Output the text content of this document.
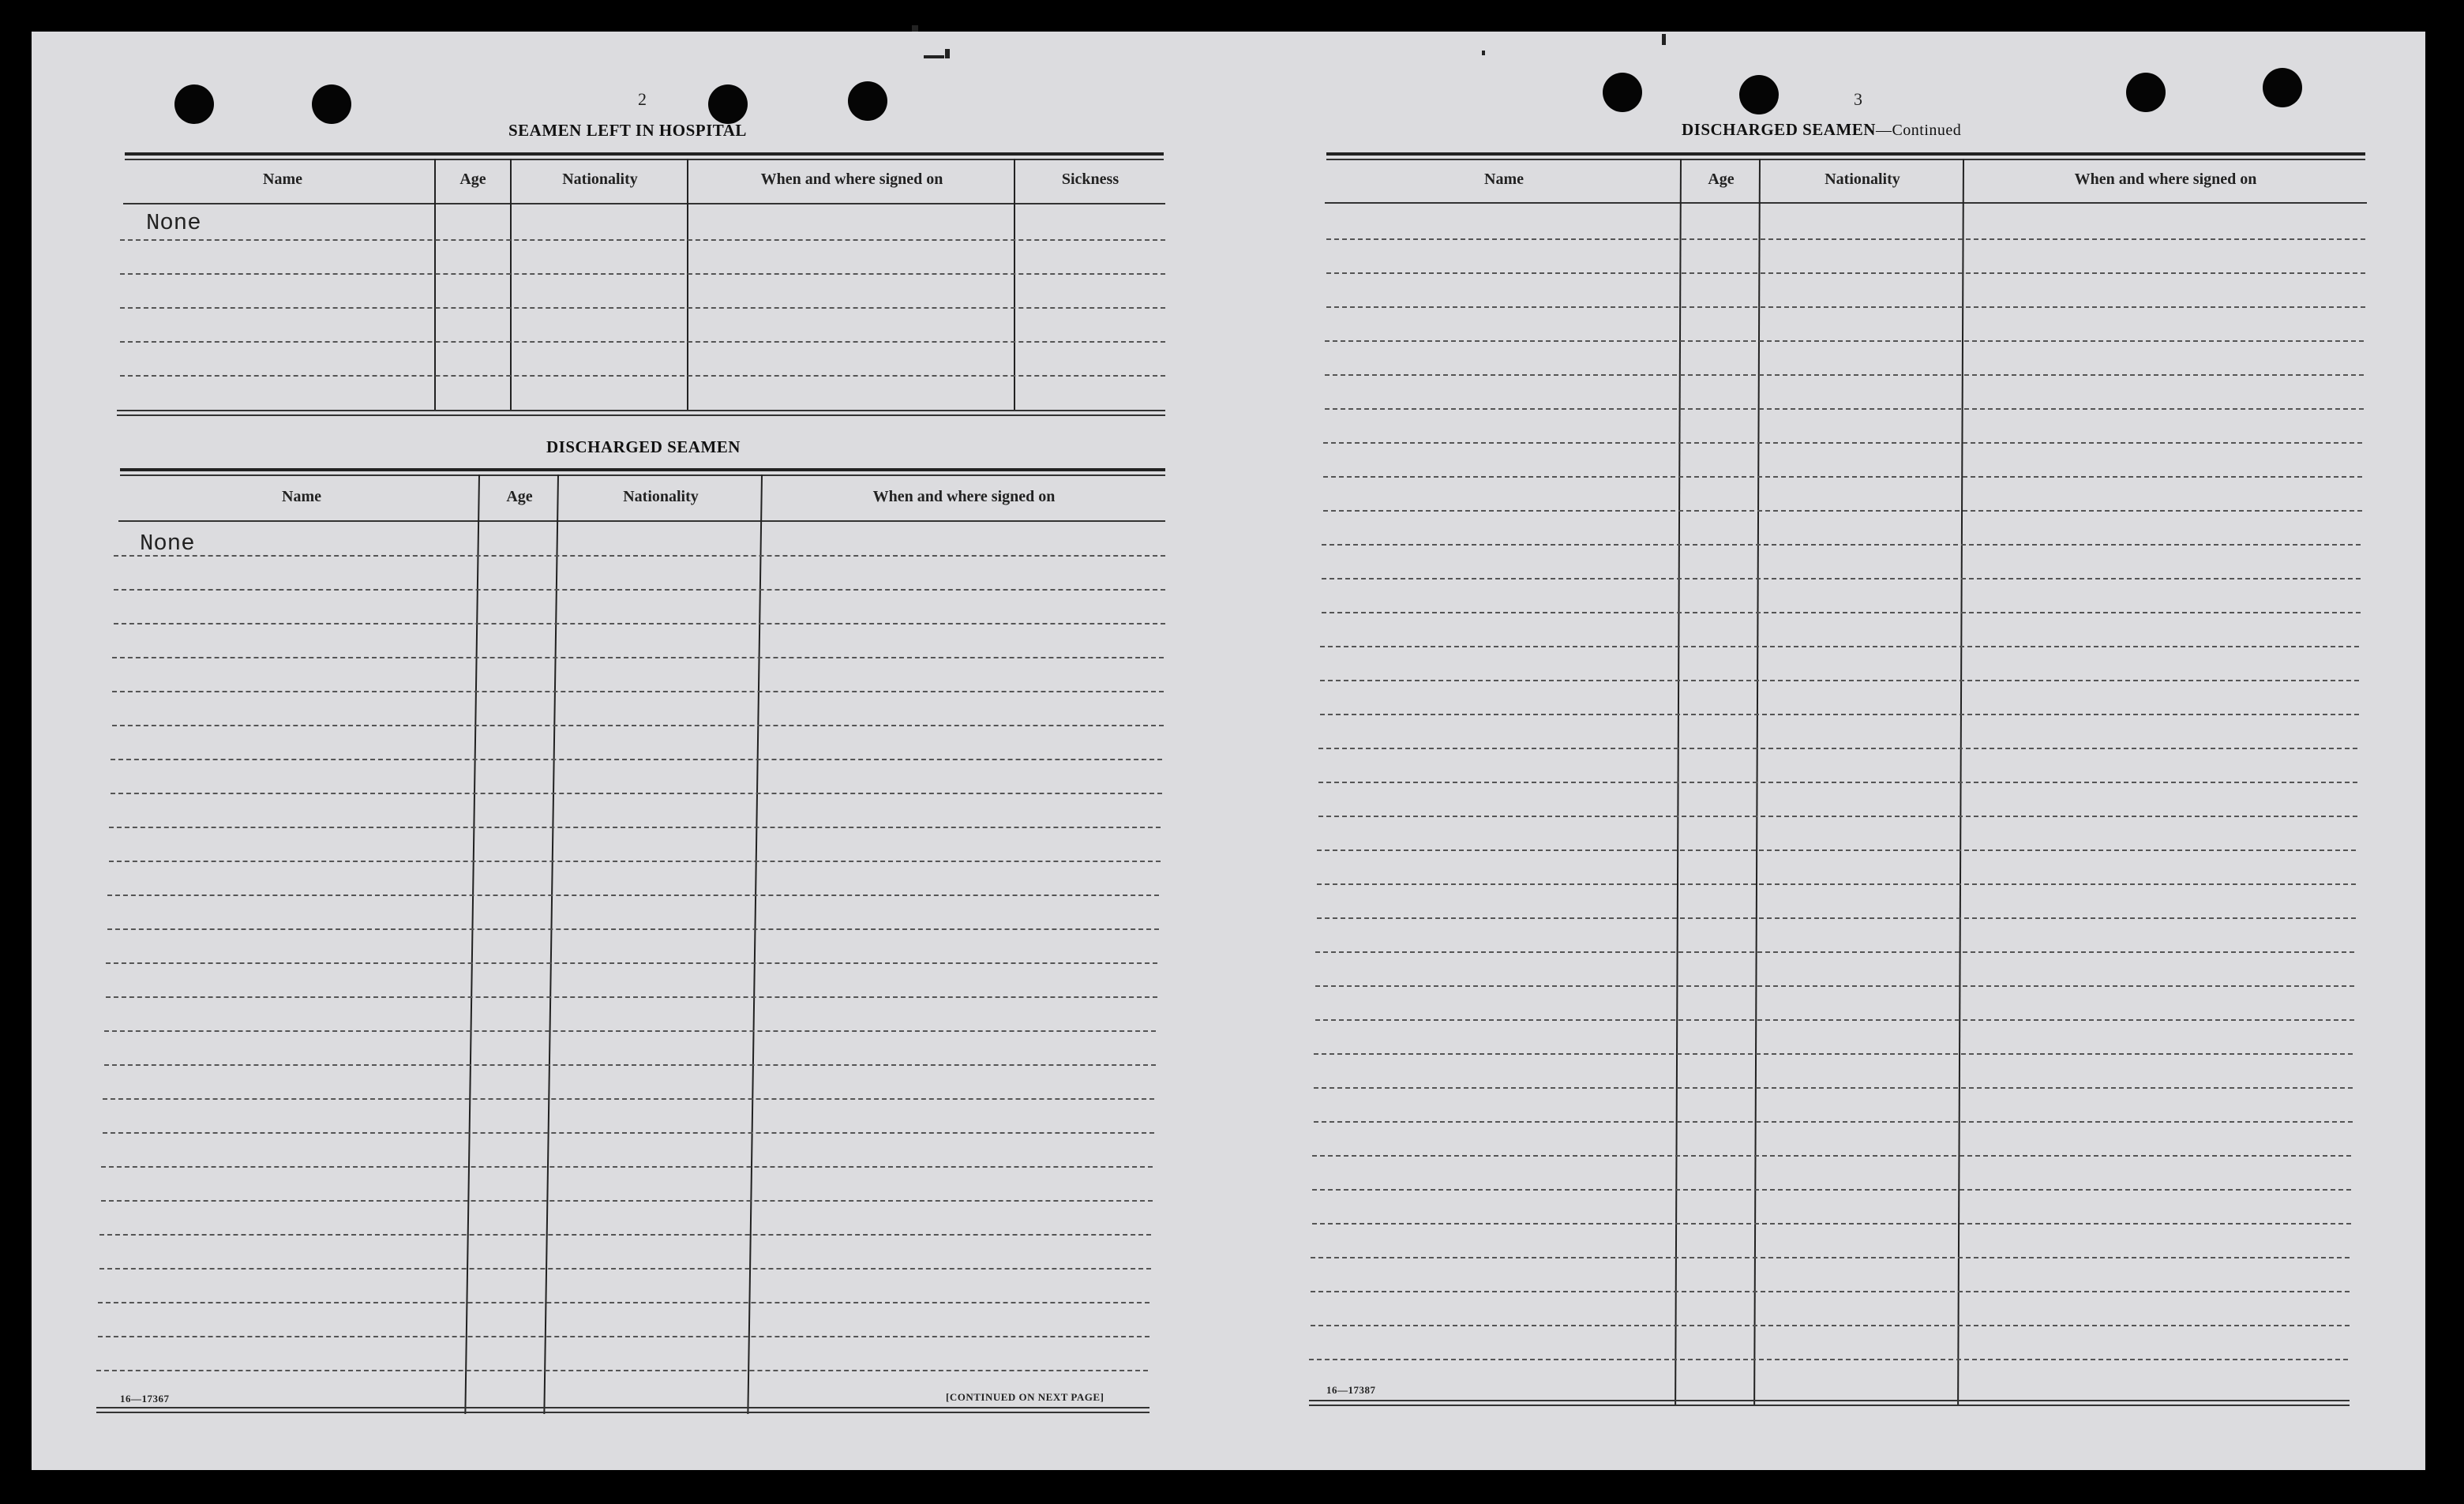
2
SEAMEN LEFT IN HOSPITAL
Name	Age	Nationality	When and where signed on	Sickness
None
DISCHARGED SEAMEN
Name	Age	Nationality	When and where signed on
None
16—17367	[CONTINUED ON NEXT PAGE]
3
DISCHARGED SEAMEN—Continued
Name	Age	Nationality	When and where signed on
16—17387
